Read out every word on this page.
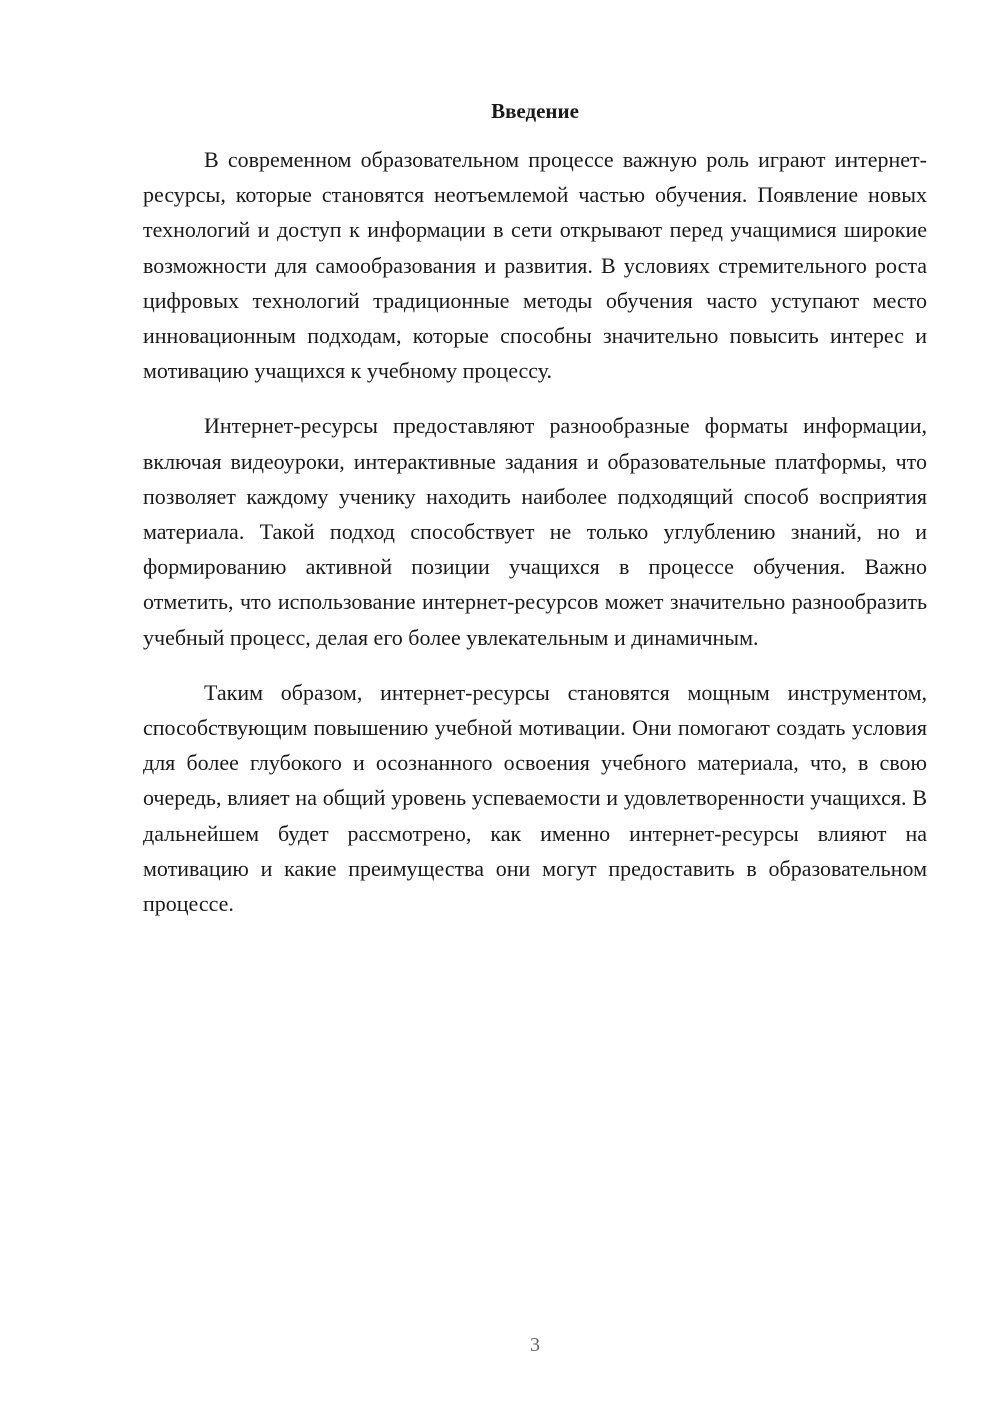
Введение

В современном образовательном процессе важную роль играют интернет-ресурсы, которые становятся неотъемлемой частью обучения. Появление новых технологий и доступ к информации в сети открывают перед учащимися широкие возможности для самообразования и развития. В условиях стремительного роста цифровых технологий традиционные методы обучения часто уступают место инновационным подходам, которые способны значительно повысить интерес и мотивацию учащихся к учебному процессу.

Интернет-ресурсы предоставляют разнообразные форматы информации, включая видеоуроки, интерактивные задания и образовательные платформы, что позволяет каждому ученику находить наиболее подходящий способ восприятия материала. Такой подход способствует не только углублению знаний, но и формированию активной позиции учащихся в процессе обучения. Важно отметить, что использование интернет-ресурсов может значительно разнообразить учебный процесс, делая его более увлекательным и динамичным.

Таким образом, интернет-ресурсы становятся мощным инструментом, способствующим повышению учебной мотивации. Они помогают создать условия для более глубокого и осознанного освоения учебного материала, что, в свою очередь, влияет на общий уровень успеваемости и удовлетворенности учащихся. В дальнейшем будет рассмотрено, как именно интернет-ресурсы влияют на мотивацию и какие преимущества они могут предоставить в образовательном процессе.

3
